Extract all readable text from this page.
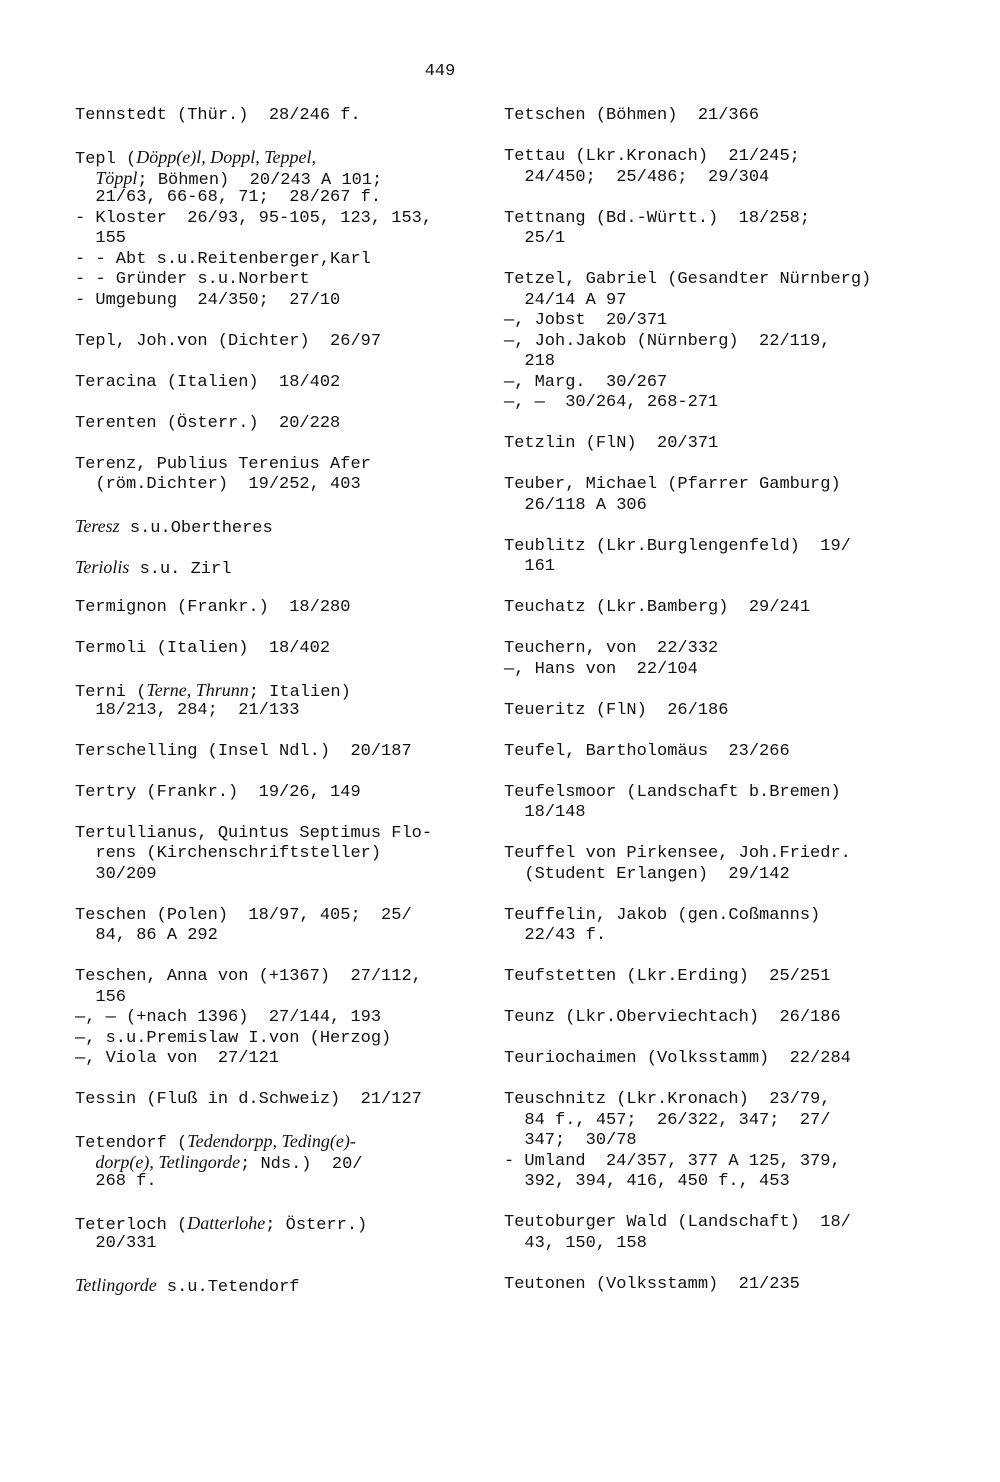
449
Tennstedt (Thür.)  28/246 f.
Tepl (Döpp(e)l, Doppl, Teppel,
Töppl; Böhmen)  20/243 A 101;
21/63, 66-68, 71;  28/267 f.
- Kloster  26/93, 95-105, 123, 153,
155
- - Abt s.u.Reitenberger,Karl
- - Gründer s.u.Norbert
- Umgebung  24/350;  27/10
Tepl, Joh.von (Dichter)  26/97
Teracina (Italien)  18/402
Terenten (Österr.)  20/228
Terenz, Publius Terenius Afer
(röm.Dichter)  19/252, 403
Teresz s.u.Obertheres
Teriolis s.u. Zirl
Termignon (Frankr.)  18/280
Termoli (Italien)  18/402
Terni (Terne, Thrunn; Italien)
18/213, 284;  21/133
Terschelling (Insel Ndl.)  20/187
Tertry (Frankr.)  19/26, 149
Tertullianus, Quintus Septimus Flo-
rens (Kirchenschriftsteller)
30/209
Teschen (Polen)  18/97, 405;  25/
84, 86 A 292
Teschen, Anna von (+1367)  27/112,
156
—, — (+nach 1396)  27/144, 193
—, s.u.Premislaw I.von (Herzog)
—, Viola von  27/121
Tessin (Fluß in d.Schweiz)  21/127
Tetendorf (Tedendorpp, Teding(e)-
dorp(e), Tetlingorde; Nds.)  20/
268 f.
Teterloch (Datterlohe; Österr.)
20/331
Tetlingorde s.u.Tetendorf
Tetschen (Böhmen)  21/366
Tettau (Lkr.Kronach)  21/245;
24/450;  25/486;  29/304
Tettnang (Bd.-Württ.)  18/258;
25/1
Tetzel, Gabriel (Gesandter Nürnberg)
24/14 A 97
—, Jobst  20/371
—, Joh.Jakob (Nürnberg)  22/119,
218
—, Marg.  30/267
—, —  30/264, 268-271
Tetzlin (FlN)  20/371
Teuber, Michael (Pfarrer Gamburg)
26/118 A 306
Teublitz (Lkr.Burglengenfeld)  19/
161
Teuchatz (Lkr.Bamberg)  29/241
Teuchern, von  22/332
—, Hans von  22/104
Teueritz (FlN)  26/186
Teufel, Bartholomäus  23/266
Teufelsmoor (Landschaft b.Bremen)
18/148
Teuffel von Pirkensee, Joh.Friedr.
(Student Erlangen)  29/142
Teuffelin, Jakob (gen.Coßmanns)
22/43 f.
Teufstetten (Lkr.Erding)  25/251
Teunz (Lkr.Oberviechtach)  26/186
Teuriochaimen (Volksstamm)  22/284
Teuschnitz (Lkr.Kronach)  23/79,
84 f., 457;  26/322, 347;  27/
347;  30/78
- Umland  24/357, 377 A 125, 379,
392, 394, 416, 450 f., 453
Teutoburger Wald (Landschaft)  18/
43, 150, 158
Teutonen (Volksstamm)  21/235
